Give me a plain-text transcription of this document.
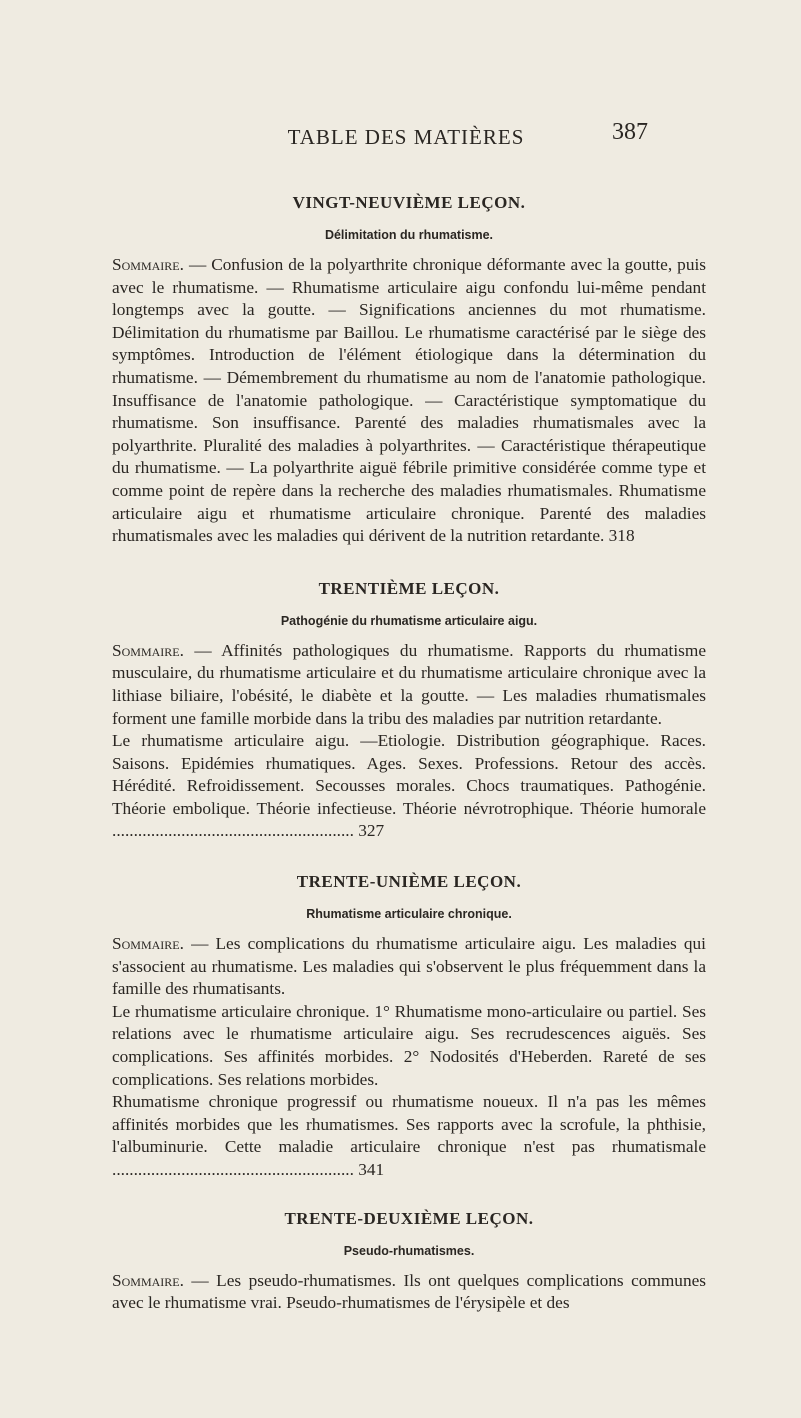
TABLE DES MATIÈRES	387
VINGT-NEUVIÈME LEÇON.
Délimitation du rhumatisme.

Sommaire. — Confusion de la polyarthrite chronique déformante avec la goutte, puis avec le rhumatisme. — Rhumatisme articulaire aigu confondu lui-même pendant longtemps avec la goutte. — Significations anciennes du mot rhumatisme. Délimitation du rhumatisme par Baillou. Le rhumatisme caractérisé par le siège des symptômes. Introduction de l'élément étiologique dans la détermination du rhumatisme. — Démembrement du rhumatisme au nom de l'anatomie pathologique. Insuffisance de l'anatomie pathologique. — Caractéristique symptomatique du rhumatisme. Son insuffisance. Parenté des maladies rhumatismales avec la polyarthrite. Pluralité des maladies à polyarthrites. — Caractéristique thérapeutique du rhumatisme. — La polyarthrite aiguë fébrile primitive considérée comme type et comme point de repère dans la recherche des maladies rhumatismales. Rhumatisme articulaire aigu et rhumatisme articulaire chronique. Parenté des maladies rhumatismales avec les maladies qui dérivent de la nutrition retardante. 318

TRENTIÈME LEÇON.
Pathogénie du rhumatisme articulaire aigu.

Sommaire. — Affinités pathologiques du rhumatisme. Rapports du rhumatisme musculaire, du rhumatisme articulaire et du rhumatisme articulaire chronique avec la lithiase biliaire, l'obésité, le diabète et la goutte. — Les maladies rhumatismales forment une famille morbide dans la tribu des maladies par nutrition retardante.

Le rhumatisme articulaire aigu. —Etiologie. Distribution géographique. Races. Saisons. Epidémies rhumatiques. Ages. Sexes. Professions. Retour des accès. Hérédité. Refroidissement. Secousses morales. Chocs traumatiques. Pathogénie. Théorie embolique. Théorie infectieuse. Théorie névrotrophique. Théorie humorale ........................................................ 327

TRENTE-UNIÈME LEÇON.
Rhumatisme articulaire chronique.

Sommaire. — Les complications du rhumatisme articulaire aigu. Les maladies qui s'associent au rhumatisme. Les maladies qui s'observent le plus fréquemment dans la famille des rhumatisants.

Le rhumatisme articulaire chronique. 1° Rhumatisme mono-articulaire ou partiel. Ses relations avec le rhumatisme articulaire aigu. Ses recrudescences aiguës. Ses complications. Ses affinités morbides. 2° Nodosités d'Heberden. Rareté de ses complications. Ses relations morbides.

Rhumatisme chronique progressif ou rhumatisme noueux. Il n'a pas les mêmes affinités morbides que les rhumatismes. Ses rapports avec la scrofule, la phthisie, l'albuminurie. Cette maladie articulaire chronique n'est pas rhumatismale ........................................................ 341

TRENTE-DEUXIÈME LEÇON.
Pseudo-rhumatismes.

Sommaire. — Les pseudo-rhumatismes. Ils ont quelques complications communes avec le rhumatisme vrai. Pseudo-rhumatismes de l'érysipèle et des
